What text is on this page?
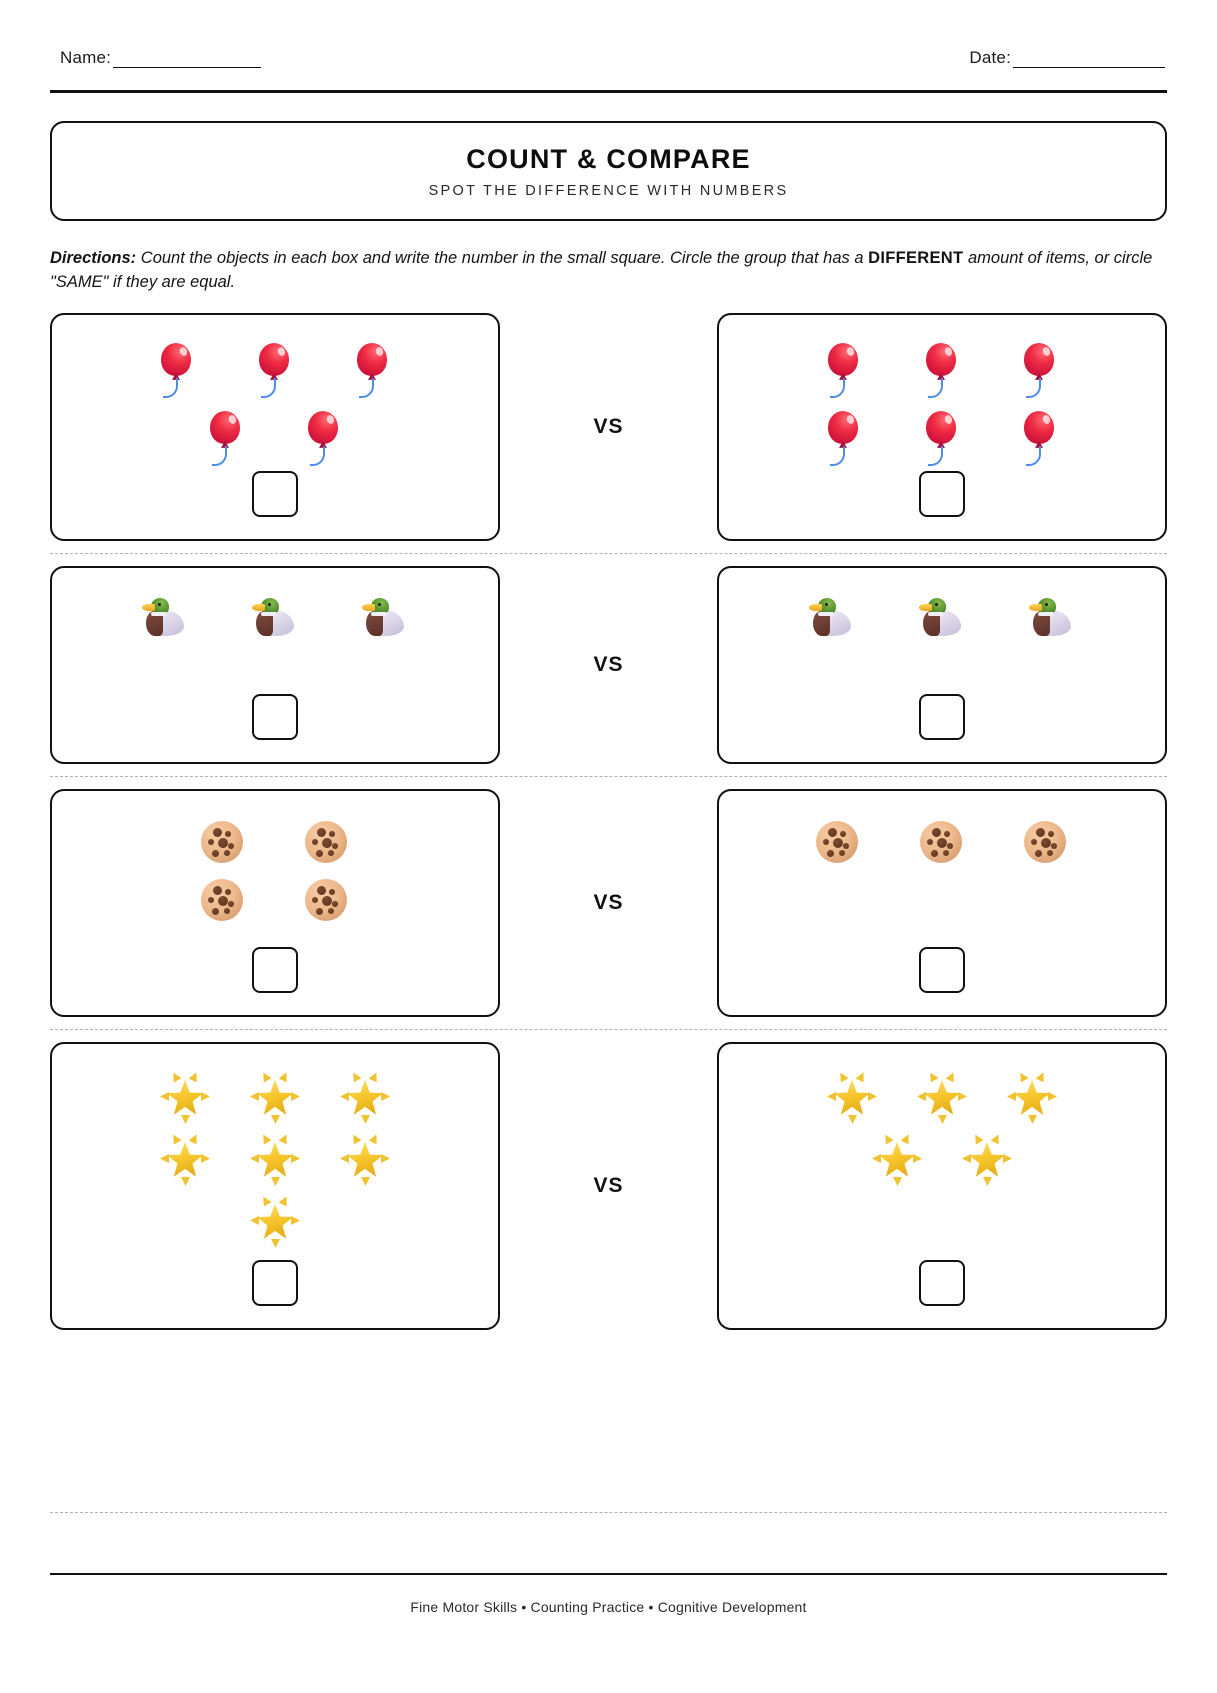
Name:	Date:
COUNT & COMPARE
SPOT THE DIFFERENCE WITH NUMBERS
Directions: Count the objects in each box and write the number in the small square. Circle the group that has a DIFFERENT amount of items, or circle "SAME" if they are equal.
VS
VS
VS
VS
Fine Motor Skills • Counting Practice • Cognitive Development
